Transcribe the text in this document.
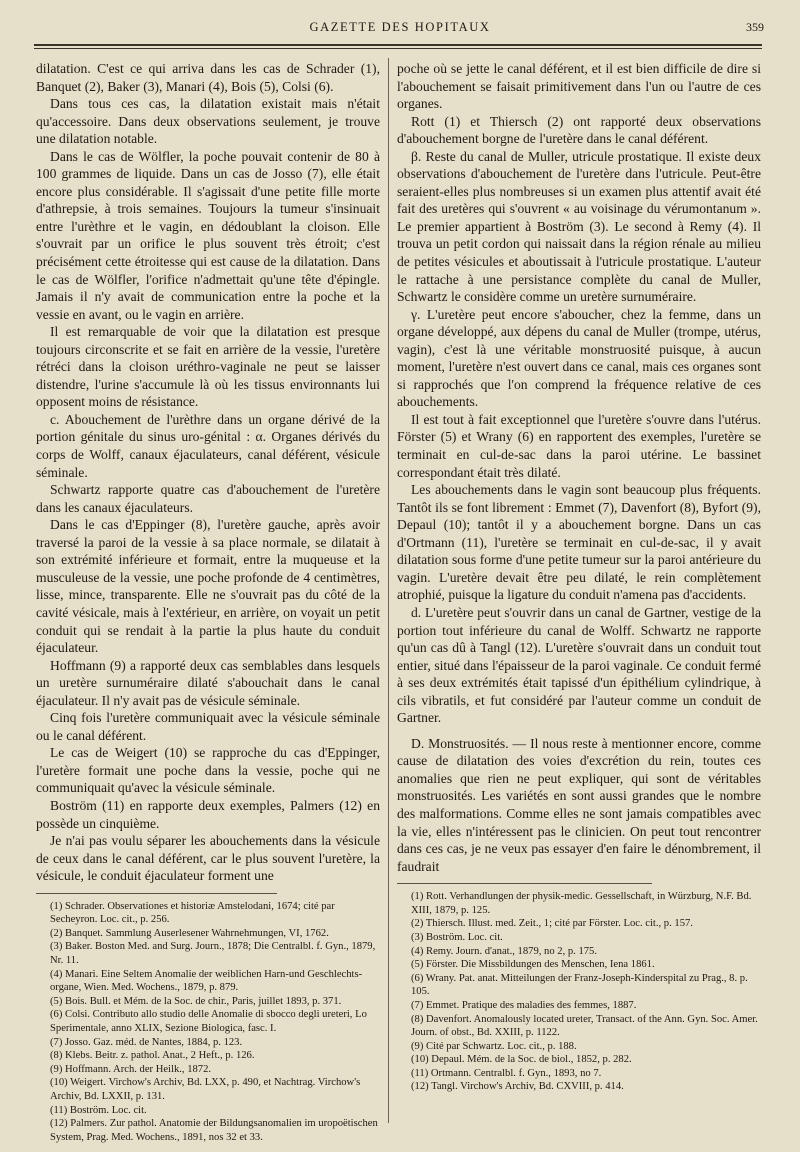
GAZETTE DES HOPITAUX	359

dilatation. C'est ce qui arriva dans les cas de Schrader (1), Banquet (2), Baker (3), Manari (4), Bois (5), Colsi (6).

Dans tous ces cas, la dilatation existait mais n'était qu'accessoire. Dans deux observations seulement, je trouve une dilatation notable.

Dans le cas de Wölfler, la poche pouvait contenir de 80 à 100 grammes de liquide. Dans un cas de Josso (7), elle était encore plus considérable. Il s'agissait d'une petite fille morte d'athrepsie, à trois semaines. Toujours la tumeur s'insinuait entre l'urèthre et le vagin, en dédoublant la cloison. Elle s'ouvrait par un orifice le plus souvent très étroit; c'est précisément cette étroitesse qui est cause de la dilatation. Dans le cas de Wölfler, l'orifice n'admettait qu'une tête d'épingle. Jamais il n'y avait de communication entre la poche et la vessie en avant, ou le vagin en arrière.

Il est remarquable de voir que la dilatation est presque toujours circonscrite et se fait en arrière de la vessie, l'uretère rétréci dans la cloison uréthro-vaginale ne peut se laisser distendre, l'urine s'accumule là où les tissus environnants lui opposent moins de résistance.

c. Abouchement de l'urèthre dans un organe dérivé de la portion génitale du sinus uro-génital : α. Organes dérivés du corps de Wolff, canaux éjaculateurs, canal déférent, vésicule séminale.

Schwartz rapporte quatre cas d'abouchement de l'uretère dans les canaux éjaculateurs.

Dans le cas d'Eppinger (8), l'uretère gauche, après avoir traversé la paroi de la vessie à sa place normale, se dilatait à son extrémité inférieure et formait, entre la muqueuse et la musculeuse de la vessie, une poche profonde de 4 centimètres, lisse, mince, transparente. Elle ne s'ouvrait pas du côté de la cavité vésicale, mais à l'extérieur, en arrière, on voyait un petit conduit qui se rendait à la partie la plus haute du conduit éjaculateur.

Hoffmann (9) a rapporté deux cas semblables dans lesquels un uretère surnuméraire dilaté s'abouchait dans le canal éjaculateur. Il n'y avait pas de vésicule séminale.

Cinq fois l'uretère communiquait avec la vésicule séminale ou le canal déférent.

Le cas de Weigert (10) se rapproche du cas d'Eppinger, l'uretère formait une poche dans la vessie, poche qui ne communiquait qu'avec la vésicule séminale.

Boström (11) en rapporte deux exemples, Palmers (12) en possède un cinquième.

Je n'ai pas voulu séparer les abouchements dans la vésicule de ceux dans le canal déférent, car le plus souvent l'uretère, la vésicule, le conduit éjaculateur forment une

(1) Schrader. Observationes et historiæ Amstelodani, 1674; cité par Secheyron. Loc. cit., p. 256.

(2) Banquet. Sammlung Auserlesener Wahrnehmungen, VI, 1762.

(3) Baker. Boston Med. and Surg. Journ., 1878; Die Centralbl. f. Gyn., 1879, Nr. 11.

(4) Manari. Eine Seltem Anomalie der weiblichen Harn-und Geschlechts-organe, Wien. Med. Wochens., 1879, p. 879.

(5) Bois. Bull. et Mém. de la Soc. de chir., Paris, juillet 1893, p. 371.

(6) Colsi. Contributo allo studio delle Anomalie di sbocco degli ureteri, Lo Sperimentale, anno XLIX, Sezione Biologica, fasc. I.

(7) Josso. Gaz. méd. de Nantes, 1884, p. 123.

(8) Klebs. Beitr. z. pathol. Anat., 2 Heft., p. 126.

(9) Hoffmann. Arch. der Heilk., 1872.

(10) Weigert. Virchow's Archiv, Bd. LXX, p. 490, et Nachtrag. Virchow's Archiv, Bd. LXXII, p. 131.

(11) Boström. Loc. cit.

(12) Palmers. Zur pathol. Anatomie der Bildungsanomalien im uropoëtischen System, Prag. Med. Wochens., 1891, nos 32 et 33.

poche où se jette le canal déférent, et il est bien difficile de dire si l'abouchement se faisait primitivement dans l'un ou l'autre de ces organes.

Rott (1) et Thiersch (2) ont rapporté deux observations d'abouchement borgne de l'uretère dans le canal déférent.

β. Reste du canal de Muller, utricule prostatique. Il existe deux observations d'abouchement de l'uretère dans l'utricule. Peut-être seraient-elles plus nombreuses si un examen plus attentif avait été fait des uretères qui s'ouvrent « au voisinage du vérumontanum ». Le premier appartient à Boström (3). Le second à Remy (4). Il trouva un petit cordon qui naissait dans la région rénale au milieu de petites vésicules et aboutissait à l'utricule prostatique. L'auteur le rattache à une persistance complète du canal de Muller, Schwartz le considère comme un uretère surnuméraire.

γ. L'uretère peut encore s'aboucher, chez la femme, dans un organe développé, aux dépens du canal de Muller (trompe, utérus, vagin), c'est là une véritable monstruosité puisque, à aucun moment, l'uretère n'est ouvert dans ce canal, mais ces organes sont si rapprochés que l'on comprend la fréquence relative de ces abouchements.

Il est tout à fait exceptionnel que l'uretère s'ouvre dans l'utérus. Förster (5) et Wrany (6) en rapportent des exemples, l'uretère se terminait en cul-de-sac dans la paroi utérine. Le bassinet correspondant était très dilaté.

Les abouchements dans le vagin sont beaucoup plus fréquents. Tantôt ils se font librement : Emmet (7), Davenfort (8), Byfort (9), Depaul (10); tantôt il y a abouchement borgne. Dans un cas d'Ortmann (11), l'uretère se terminait en cul-de-sac, il y avait dilatation sous forme d'une petite tumeur sur la paroi antérieure du vagin. L'uretère devait être peu dilaté, le rein complètement atrophié, puisque la ligature du conduit n'amena pas d'accidents.

d. L'uretère peut s'ouvrir dans un canal de Gartner, vestige de la portion tout inférieure du canal de Wolff. Schwartz ne rapporte qu'un cas dû à Tangl (12). L'uretère s'ouvrait dans un conduit tout entier, situé dans l'épaisseur de la paroi vaginale. Ce conduit fermé à ses deux extrémités était tapissé d'un épithélium cylindrique, à cils vibratils, et fut considéré par l'auteur comme un conduit de Gartner.

D. Monstruosités. — Il nous reste à mentionner encore, comme cause de dilatation des voies d'excrétion du rein, toutes ces anomalies que rien ne peut expliquer, qui sont de véritables monstruosités. Les variétés en sont aussi grandes que le nombre des malformations. Comme elles ne sont jamais compatibles avec la vie, elles n'intéressent pas le clinicien. On peut tout rencontrer dans ces cas, je ne veux pas essayer d'en faire le dénombrement, il faudrait

(1) Rott. Verhandlungen der physik-medic. Gessellschaft, in Würzburg, N.F. Bd. XIII, 1879, p. 125.

(2) Thiersch. Illust. med. Zeit., 1; cité par Förster. Loc. cit., p. 157.

(3) Boström. Loc. cit.

(4) Remy. Journ. d'anat., 1879, no 2, p. 175.

(5) Förster. Die Missbildungen des Menschen, Iena 1861.

(6) Wrany. Pat. anat. Mitteilungen der Franz-Joseph-Kinderspital zu Prag., 8. p. 105.

(7) Emmet. Pratique des maladies des femmes, 1887.

(8) Davenfort. Anomalously located ureter, Transact. of the Ann. Gyn. Soc. Amer. Journ. of obst., Bd. XXIII, p. 1122.

(9) Cité par Schwartz. Loc. cit., p. 188.

(10) Depaul. Mém. de la Soc. de biol., 1852, p. 282.

(11) Ortmann. Centralbl. f. Gyn., 1893, no 7.

(12) Tangl. Virchow's Archiv, Bd. CXVIII, p. 414.
